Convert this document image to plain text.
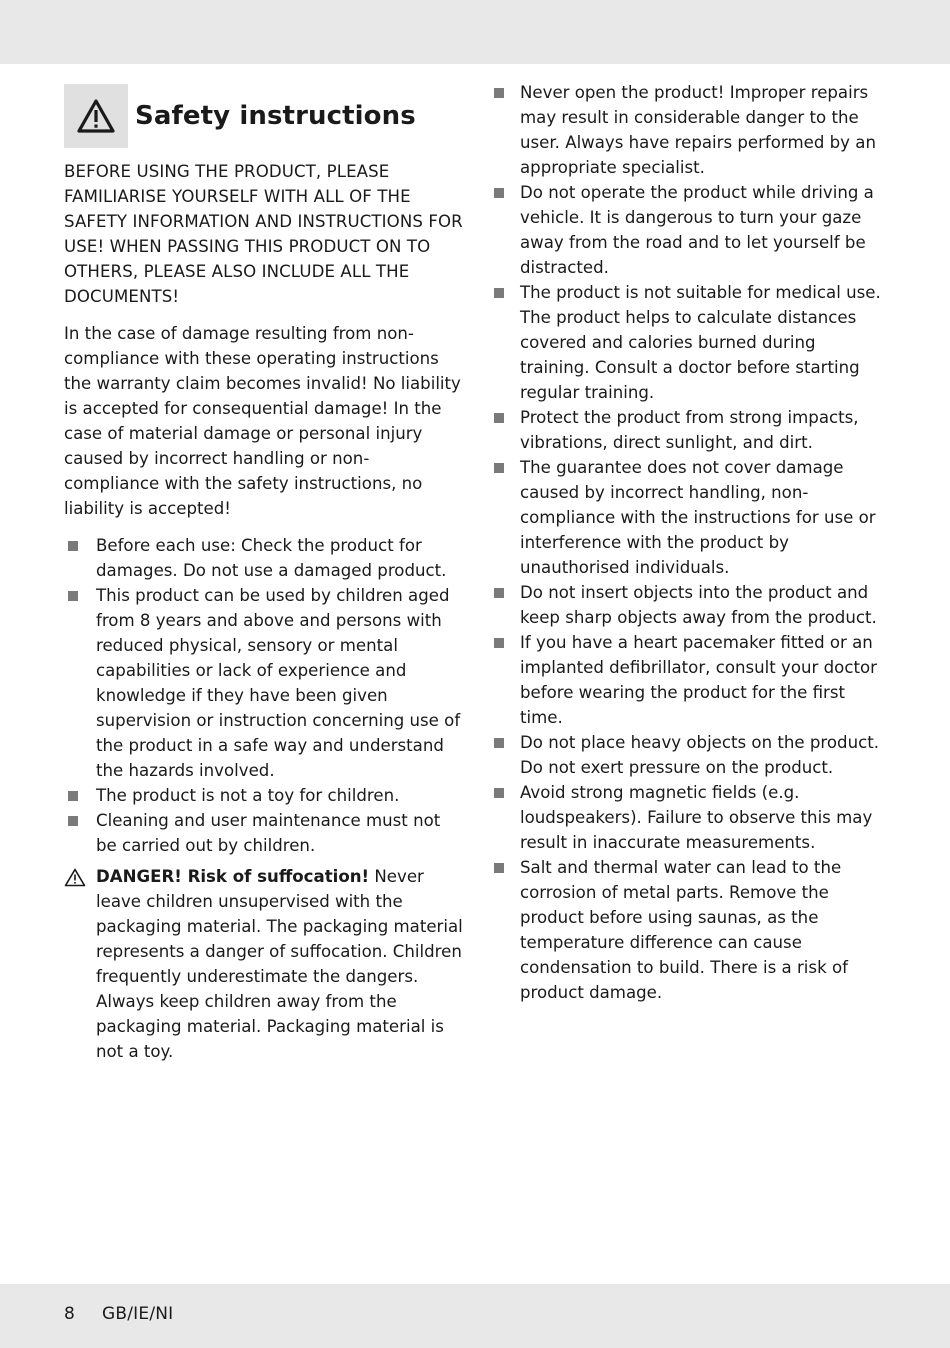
Safety instructions

BEFORE USING THE PRODUCT, PLEASE FAMILIARISE YOURSELF WITH ALL OF THE SAFETY INFORMATION AND INSTRUCTIONS FOR USE! WHEN PASSING THIS PRODUCT ON TO OTHERS, PLEASE ALSO INCLUDE ALL THE DOCUMENTS!

In the case of damage resulting from non-compliance with these operating instructions the warranty claim becomes invalid! No liability is accepted for consequential damage! In the case of material damage or personal injury caused by incorrect handling or non-compliance with the safety instructions, no liability is accepted!

Before each use: Check the product for damages. Do not use a damaged product.
This product can be used by children aged from 8 years and above and persons with reduced physical, sensory or mental capabilities or lack of experience and knowledge if they have been given supervision or instruction concerning use of the product in a safe way and understand the hazards involved.
The product is not a toy for children.
Cleaning and user maintenance must not be carried out by children.
DANGER! Risk of suffocation! Never leave children unsupervised with the packaging material. The packaging material represents a danger of suffocation. Children frequently underestimate the dangers. Always keep children away from the packaging material. Packaging material is not a toy.
Never open the product! Improper repairs may result in considerable danger to the user. Always have repairs performed by an appropriate specialist.
Do not operate the product while driving a vehicle. It is dangerous to turn your gaze away from the road and to let yourself be distracted.
The product is not suitable for medical use. The product helps to calculate distances covered and calories burned during training. Consult a doctor before starting regular training.
Protect the product from strong impacts, vibrations, direct sunlight, and dirt.
The guarantee does not cover damage caused by incorrect handling, non-compliance with the instructions for use or interference with the product by unauthorised individuals.
Do not insert objects into the product and keep sharp objects away from the product.
If you have a heart pacemaker fitted or an implanted defibrillator, consult your doctor before wearing the product for the first time.
Do not place heavy objects on the product. Do not exert pressure on the product.
Avoid strong magnetic fields (e.g. loudspeakers). Failure to observe this may result in inaccurate measurements.
Salt and thermal water can lead to the corrosion of metal parts. Remove the product before using saunas, as the temperature difference can cause condensation to build. There is a risk of product damage.
8 GB/IE/NI
